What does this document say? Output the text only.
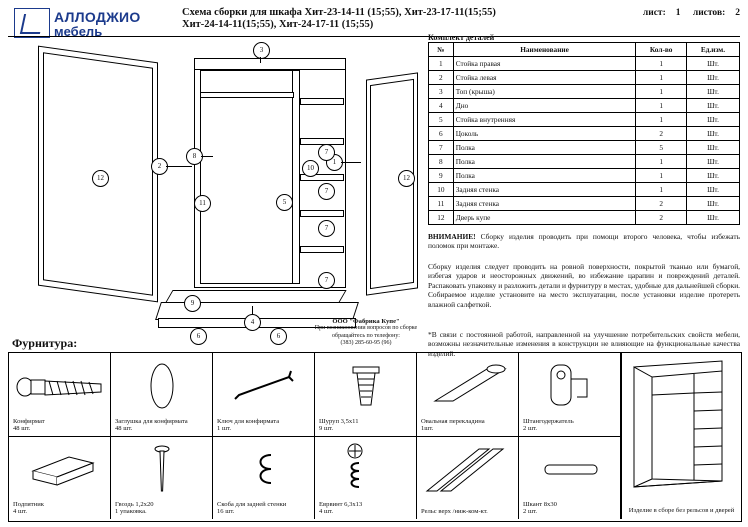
АЛЛОДЖИО
мебель
Схема сборки для шкафа Хит-23-14-11 (15;55), Хит-23-17-11(15;55)
Хит-24-14-11(15;55), Хит-24-17-11 (15;55)
лист: 1 листов: 2
Комплект деталей
№	Наименование	Кол-во	Ед.изм.
1	Стойка правая	1	Шт.
2	Стойка левая	1	Шт.
3	Топ (крыша)	1	Шт.
4	Дно	1	Шт.
5	Стойка внутренняя	1	Шт.
6	Цоколь	2	Шт.
7	Полка	5	Шт.
8	Полка	1	Шт.
9	Полка	1	Шт.
10	Задняя стенка	1	Шт.
11	Задняя стенка	2	Шт.
12	Дверь купе	2	Шт.
ВНИМАНИЕ! Сборку изделия проводить при помощи второго человека, чтобы избежать поломок при монтаже.
Сборку изделия следует проводить на ровной поверхности, покрытой тканью или бумагой, избегая ударов и неосторожных движений, во избежание царапин и повреждений деталей. Распаковать упаковку и разложить детали и фурнитуру в местах, удобные для дальнейшей сборки. Собираемое изделие установите на место эксплуатации, после установки изделие протереть влажной салфеткой.
*В связи с постоянной работой, направленной на улучшение потребительских свойств мебели, возможны незначительные изменения в конструкции не влияющие на функциональные качества изделий.
3
2
8
11
10
1
5
7
7
7
7
9
4
6	6
12	12
ООО "Фабрика Купе"
При возникновении вопросов по сборке
обращайтесь по телефону:
(383) 285-60-95 (96)
Фурнитура:
Конфирмат
48 шт.
Заглушка для конфирмата
48 шт.
Ключ для конфирмата
1 шт.
Шуруп 3,5х11
9 шт.
Овальная перекладина
1шт.
Штангодержатель
2 шт.
Подпятник
4 шт.
Гвоздь 1,2х20
1 упаковка.
Скоба для задней стенки
16 шт.
Еврвинт 6,3х13
4 шт.	Рельс верх /ниж-ком-кт.
Шкант 8х30
2 шт.	Изделие в сборе без рельсов и дверей
